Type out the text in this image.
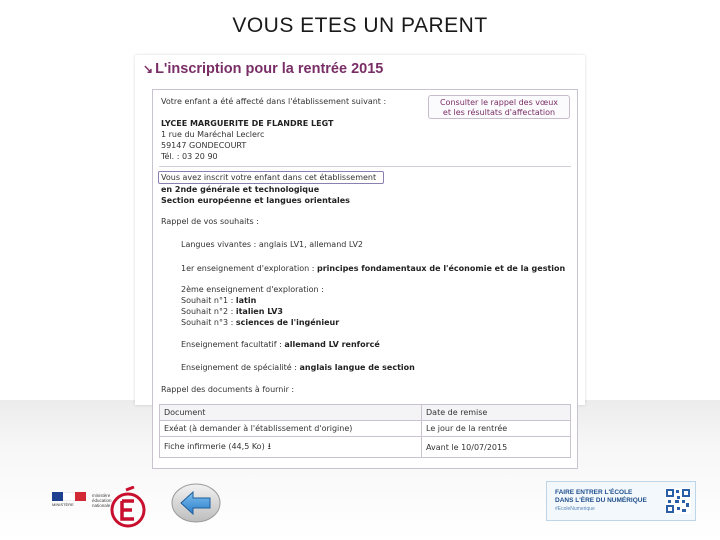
VOUS ETES UN PARENT
↘ L'inscription pour la rentrée 2015
Votre enfant a été affecté dans l'établissement suivant :	Consulter le rappel des vœux
et les résultats d'affectation
LYCEE MARGUERITE DE FLANDRE LEGT
1 rue du Maréchal Leclerc
59147 GONDECOURT
Tél. : 03 20 90
Vous avez inscrit votre enfant dans cet établissement
en 2nde générale et technologique
Section européenne et langues orientales
Rappel de vos souhaits :
Langues vivantes : anglais LV1, allemand LV2
1er enseignement d'exploration : principes fondamentaux de l'économie et de la gestion
2ème enseignement d'exploration :
Souhait n°1 : latin
Souhait n°2 : italien LV3
Souhait n°3 : sciences de l'ingénieur
Enseignement facultatif : allemand LV renforcé
Enseignement de spécialité : anglais langue de section
Rappel des documents à fournir :
Document	Date de remise
Exéat (à demander à l'établissement d'origine)	Le jour de la rentrée
Fiche infirmerie (44,5 Ko) ⭳	Avant le 10/07/2015
MINISTÈRE
ministère
éducation
nationale
FAIRE ENTRER L'ÉCOLE
DANS L'ÈRE DU NUMÉRIQUE
#EcoleNumerique
